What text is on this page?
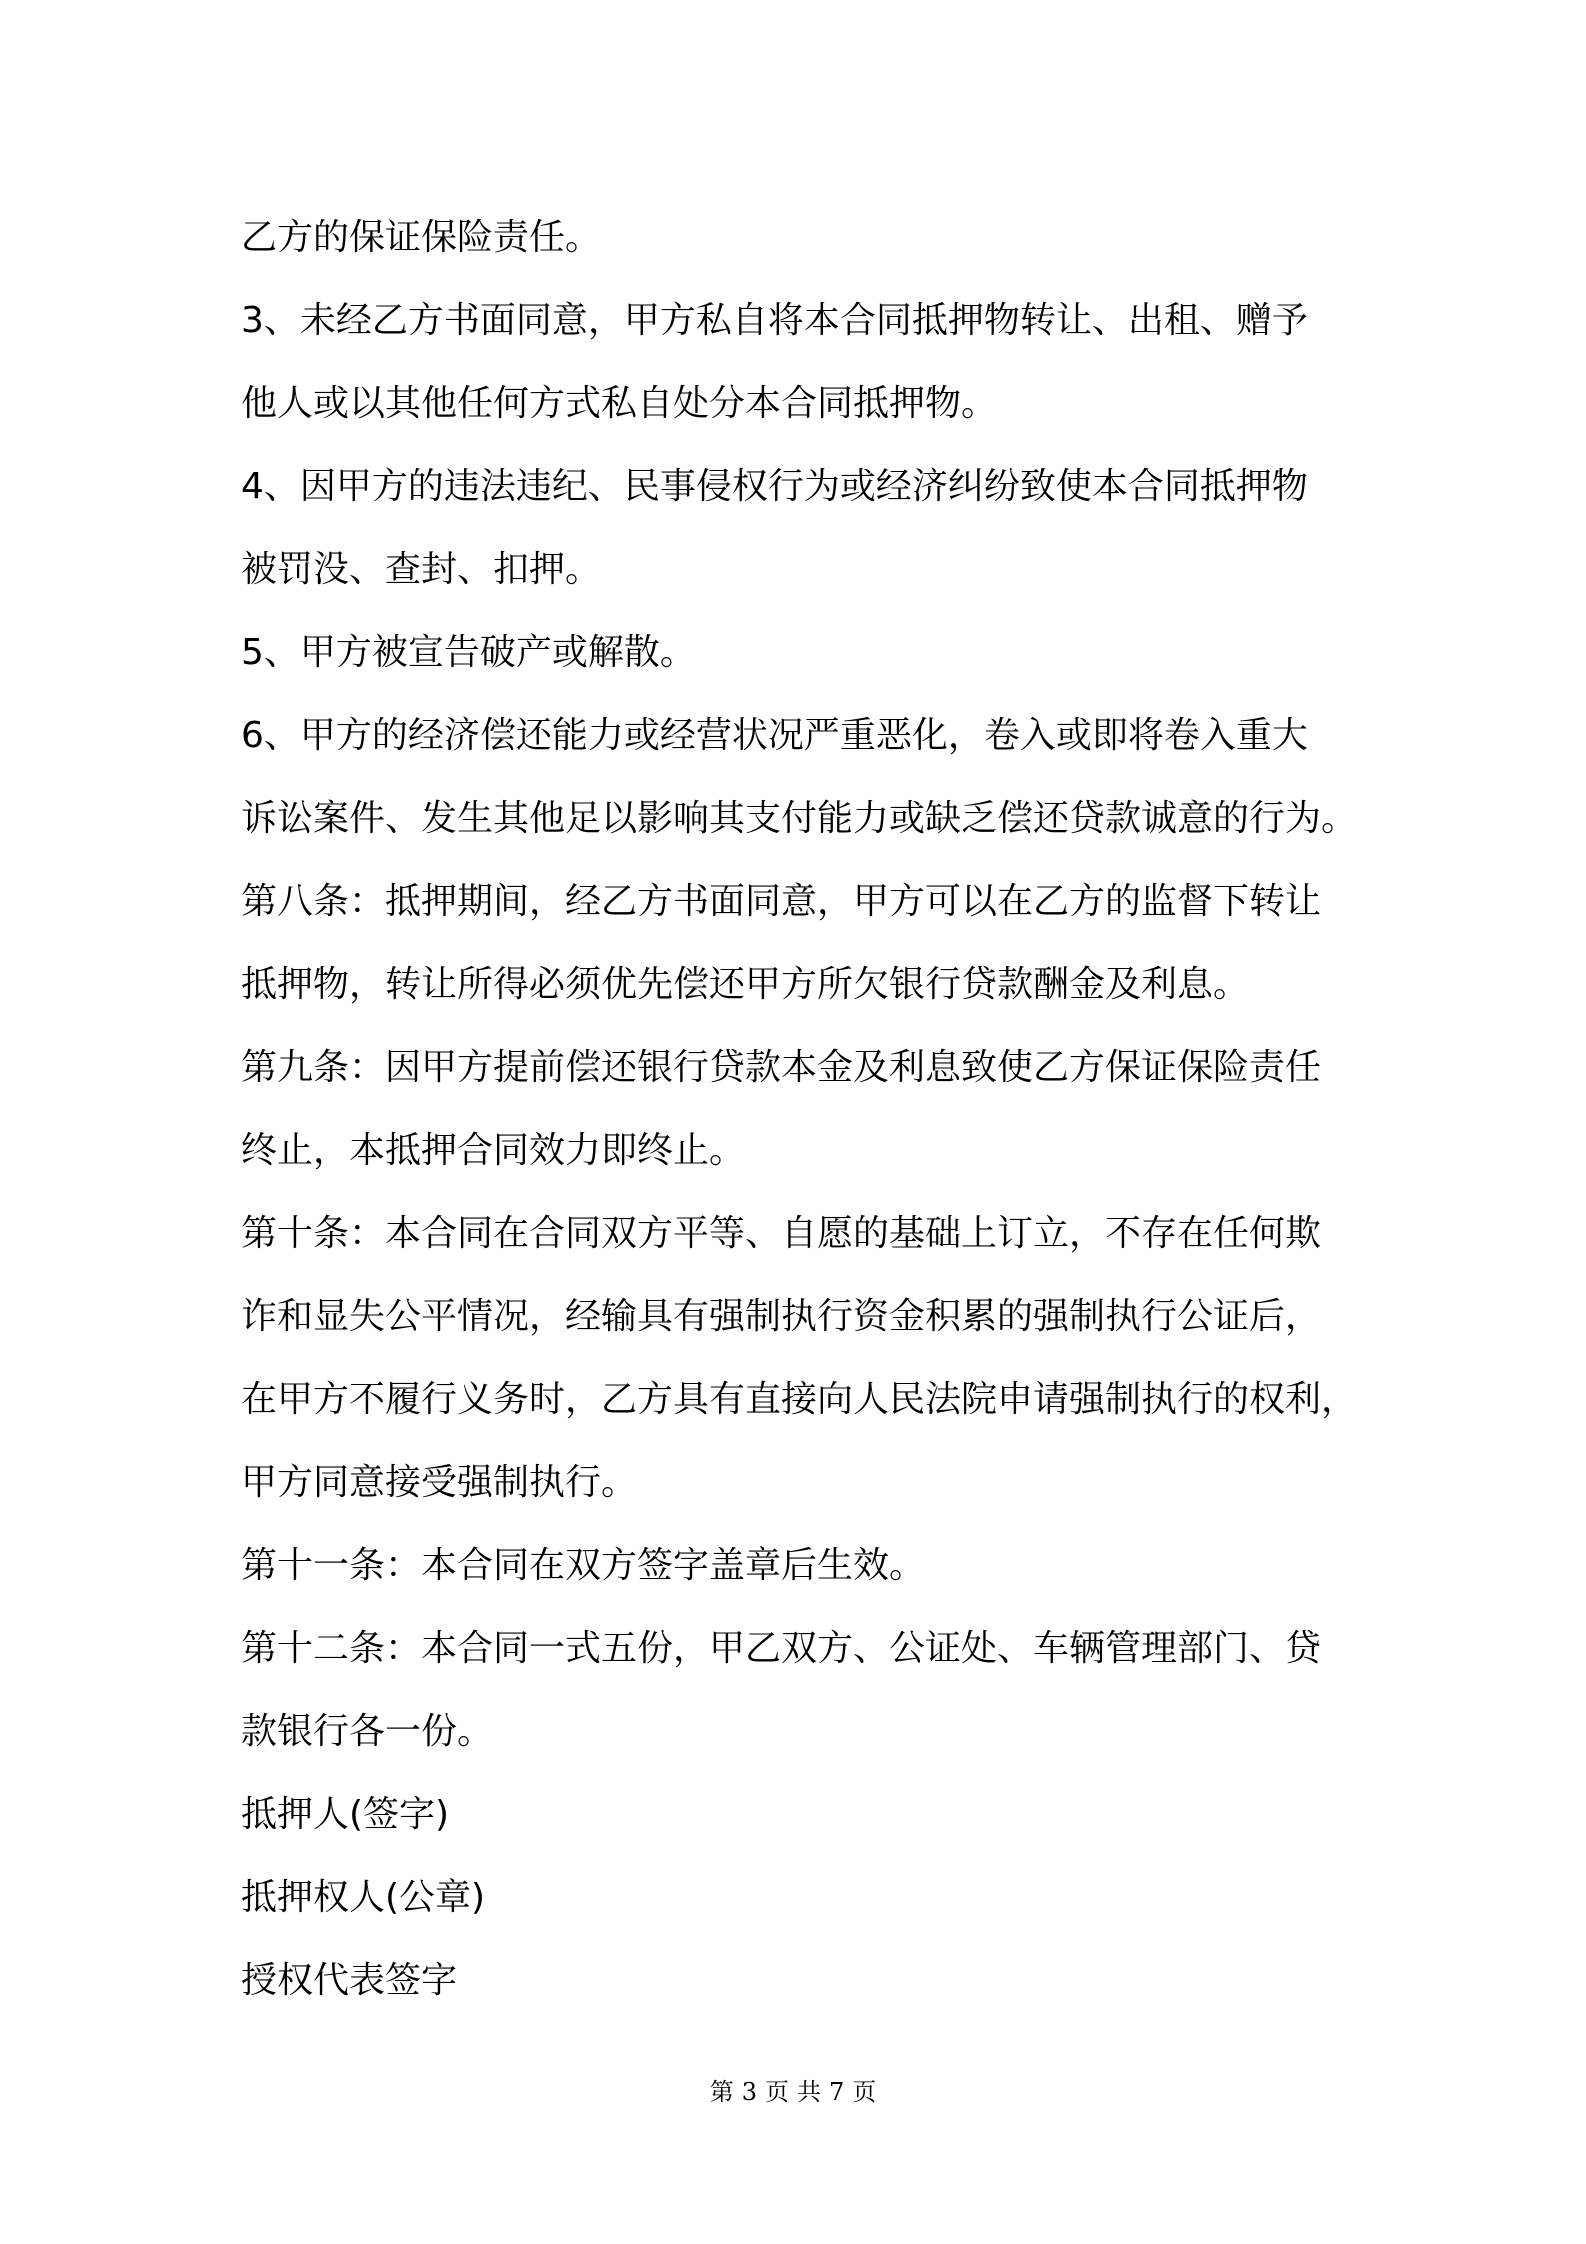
乙方的保证保险责任。
3、未经乙方书面同意，甲方私自将本合同抵押物转让、出租、赠予
他人或以其他任何方式私自处分本合同抵押物。
4、因甲方的违法违纪、民事侵权行为或经济纠纷致使本合同抵押物
被罚没、查封、扣押。
5、甲方被宣告破产或解散。
6、甲方的经济偿还能力或经营状况严重恶化，卷入或即将卷入重大
诉讼案件、发生其他足以影响其支付能力或缺乏偿还贷款诚意的行为。
第八条：抵押期间，经乙方书面同意，甲方可以在乙方的监督下转让
抵押物，转让所得必须优先偿还甲方所欠银行贷款酬金及利息。
第九条：因甲方提前偿还银行贷款本金及利息致使乙方保证保险责任
终止，本抵押合同效力即终止。
第十条：本合同在合同双方平等、自愿的基础上订立，不存在任何欺
诈和显失公平情况，经输具有强制执行资金积累的强制执行公证后，
在甲方不履行义务时，乙方具有直接向人民法院申请强制执行的权利，
甲方同意接受强制执行。
第十一条：本合同在双方签字盖章后生效。
第十二条：本合同一式五份，甲乙双方、公证处、车辆管理部门、贷
款银行各一份。
抵押人(签字)
抵押权人(公章)
授权代表签字
第 3 页 共 7 页
